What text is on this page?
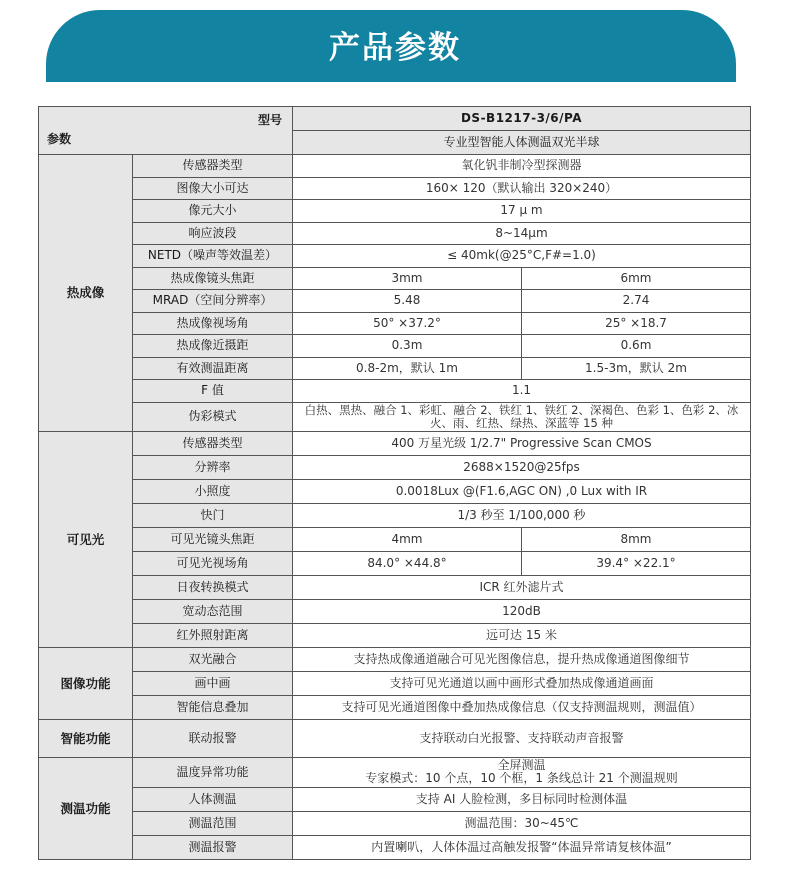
产品参数
型号
参数		DS-B1217-3/6/PA	
		专业型智能人体测温双光半球	
热成像	传感器类型	氧化钒非制冷型探测器	
	图像大小可达	160× 120（默认输出 320×240）	
	像元大小	17 μ m	
	响应波段	8~14μm	
	NETD（噪声等效温差）	≤ 40mk(@25°C,F#=1.0)	
	热成像镜头焦距	3mm	6mm
	MRAD（空间分辨率）	5.48	2.74
	热成像视场角	50° ×37.2°	25° ×18.7
	热成像近摄距	0.3m	0.6m
	有效测温距离	0.8-2m，默认 1m	1.5-3m，默认 2m
	F 值	1.1	
	伪彩模式	白热、黑热、融合 1、彩虹、融合 2、铁红 1、铁红 2、深褐色、色彩 1、色彩 2、冰火、雨、红热、绿热、深蓝等 15 种	
可见光	传感器类型	400 万星光级 1/2.7" Progressive Scan CMOS	
	分辨率	2688×1520@25fps	
	小照度	0.0018Lux @(F1.6,AGC ON) ,0 Lux with IR	
	快门	1/3 秒至 1/100,000 秒	
	可见光镜头焦距	4mm	8mm
	可见光视场角	84.0° ×44.8°	39.4° ×22.1°
	日夜转换模式	ICR 红外滤片式	
	宽动态范围	120dB	
	红外照射距离	远可达 15 米	
图像功能	双光融合	支持热成像通道融合可见光图像信息，提升热成像通道图像细节	
	画中画	支持可见光通道以画中画形式叠加热成像通道画面	
	智能信息叠加	支持可见光通道图像中叠加热成像信息（仅支持测温规则，测温值）	
智能功能	联动报警	支持联动白光报警、支持联动声音报警	
测温功能	温度异常功能	全屏测温
专家模式：10 个点，10 个框，1 条线总计 21 个测温规则	

	人体测温	支持 AI 人脸检测，多目标同时检测体温	
	测温范围	测温范围：30~45℃	
	测温报警	内置喇叭，人体体温过高触发报警“体温异常请复核体温”	
